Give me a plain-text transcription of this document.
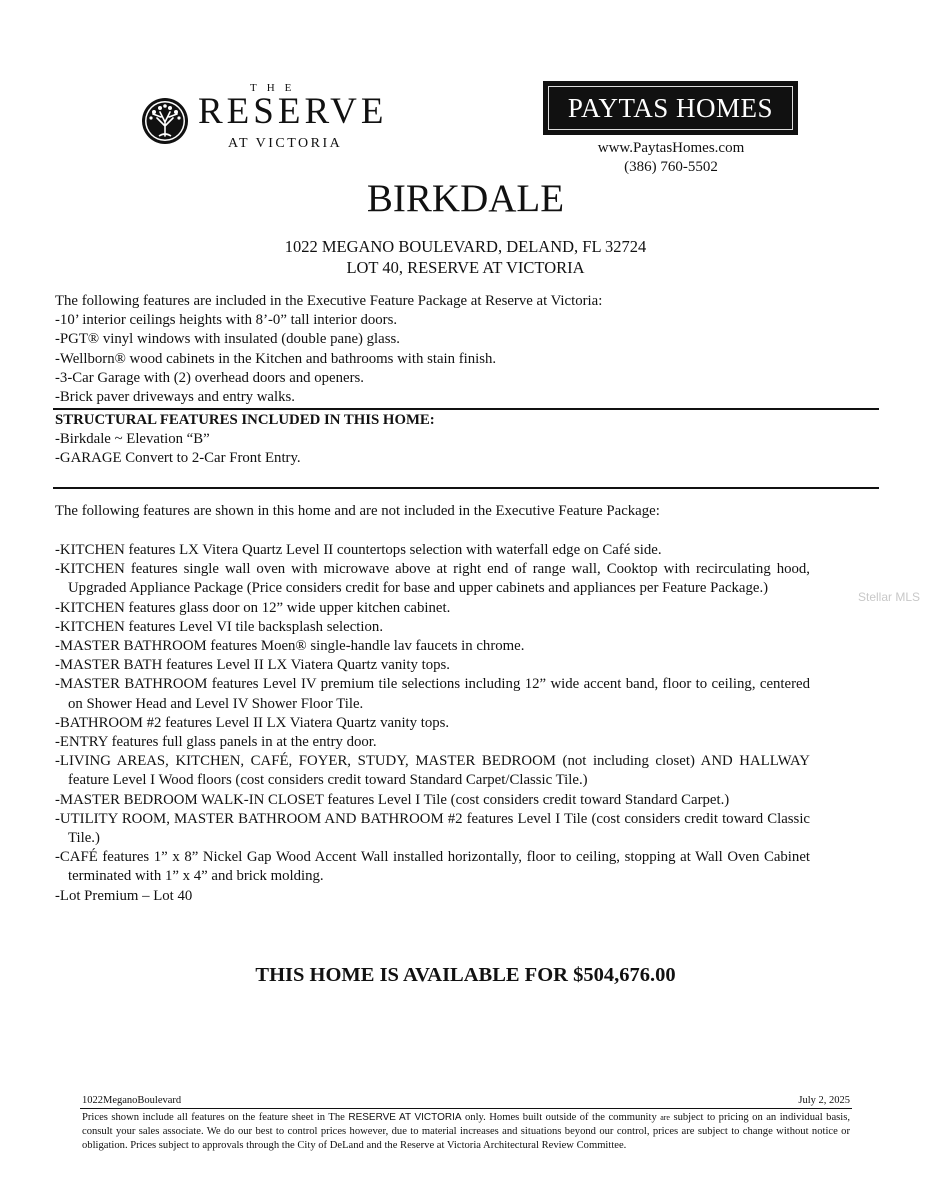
THE
RESERVE
AT VICTORIA
PAYTAS HOMES
www.PaytasHomes.com
(386) 760-5502
BIRKDALE
1022 MEGANO BOULEVARD, DELAND, FL 32724
LOT 40, RESERVE AT VICTORIA
The following features are included in the Executive Feature Package at Reserve at Victoria:
-10’ interior ceilings heights with 8’-0” tall interior doors.
-PGT® vinyl windows with insulated (double pane) glass.
-Wellborn® wood cabinets in the Kitchen and bathrooms with stain finish.
-3-Car Garage with (2) overhead doors and openers.
-Brick paver driveways and entry walks.
STRUCTURAL FEATURES INCLUDED IN THIS HOME:
-Birkdale ~ Elevation “B”
-GARAGE Convert to 2-Car Front Entry.
The following features are shown in this home and are not included in the Executive Feature Package:
-KITCHEN features LX Vitera Quartz Level II countertops selection with waterfall edge on Café side.
-KITCHEN features single wall oven with microwave above at right end of range wall, Cooktop with recirculating hood, Upgraded Appliance Package (Price considers credit for base and upper cabinets and appliances per Feature Package.)
-KITCHEN features glass door on 12” wide upper kitchen cabinet.
-KITCHEN features Level VI tile backsplash selection.
-MASTER BATHROOM features Moen® single-handle lav faucets in chrome.
-MASTER BATH features Level II LX Viatera Quartz vanity tops.
-MASTER BATHROOM features Level IV premium tile selections including 12” wide accent band, floor to ceiling, centered on Shower Head and Level IV Shower Floor Tile.
-BATHROOM #2 features Level II LX Viatera Quartz vanity tops.
-ENTRY features full glass panels in at the entry door.
-LIVING AREAS, KITCHEN, CAFÉ, FOYER, STUDY, MASTER BEDROOM (not including closet) AND HALLWAY feature Level I Wood floors (cost considers credit toward Standard Carpet/Classic Tile.)
-MASTER BEDROOM WALK-IN CLOSET features Level I Tile (cost considers credit toward Standard Carpet.)
-UTILITY ROOM, MASTER BATHROOM AND BATHROOM #2 features Level I Tile (cost considers credit toward Classic Tile.)
-CAFÉ features 1” x 8” Nickel Gap Wood Accent Wall installed horizontally, floor to ceiling, stopping at Wall Oven Cabinet terminated with 1” x 4” and brick molding.
-Lot Premium – Lot 40
Stellar MLS
THIS HOME IS AVAILABLE FOR $504,676.00
1022MeganoBoulevard	July 2, 2025
Prices shown include all features on the feature sheet in The RESERVE AT VICTORIA only. Homes built outside of the community are subject to pricing on an individual basis, consult your sales associate. We do our best to control prices however, due to material increases and situations beyond our control, prices are subject to change without notice or obligation. Prices subject to approvals through the City of DeLand and the Reserve at Victoria Architectural Review Committee.
